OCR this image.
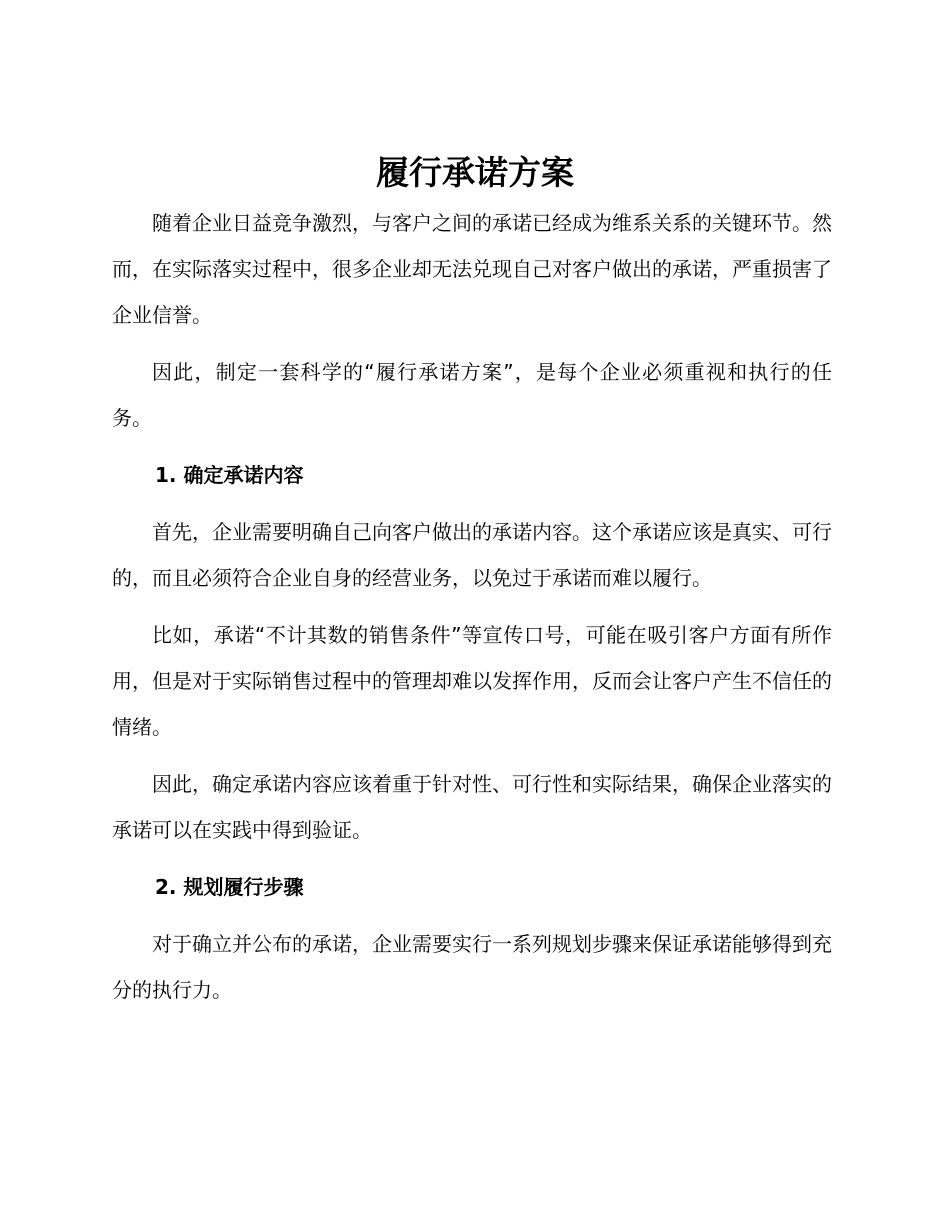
履行承诺方案

随着企业日益竞争激烈，与客户之间的承诺已经成为维系关系的关键环节。然而，在实际落实过程中，很多企业却无法兑现自己对客户做出的承诺，严重损害了企业信誉。

因此，制定一套科学的“履行承诺方案”，是每个企业必须重视和执行的任务。

1. 确定承诺内容

首先，企业需要明确自己向客户做出的承诺内容。这个承诺应该是真实、可行的，而且必须符合企业自身的经营业务，以免过于承诺而难以履行。

比如，承诺“不计其数的销售条件”等宣传口号，可能在吸引客户方面有所作用，但是对于实际销售过程中的管理却难以发挥作用，反而会让客户产生不信任的情绪。

因此，确定承诺内容应该着重于针对性、可行性和实际结果，确保企业落实的承诺可以在实践中得到验证。

2. 规划履行步骤

对于确立并公布的承诺，企业需要实行一系列规划步骤来保证承诺能够得到充分的执行力。
